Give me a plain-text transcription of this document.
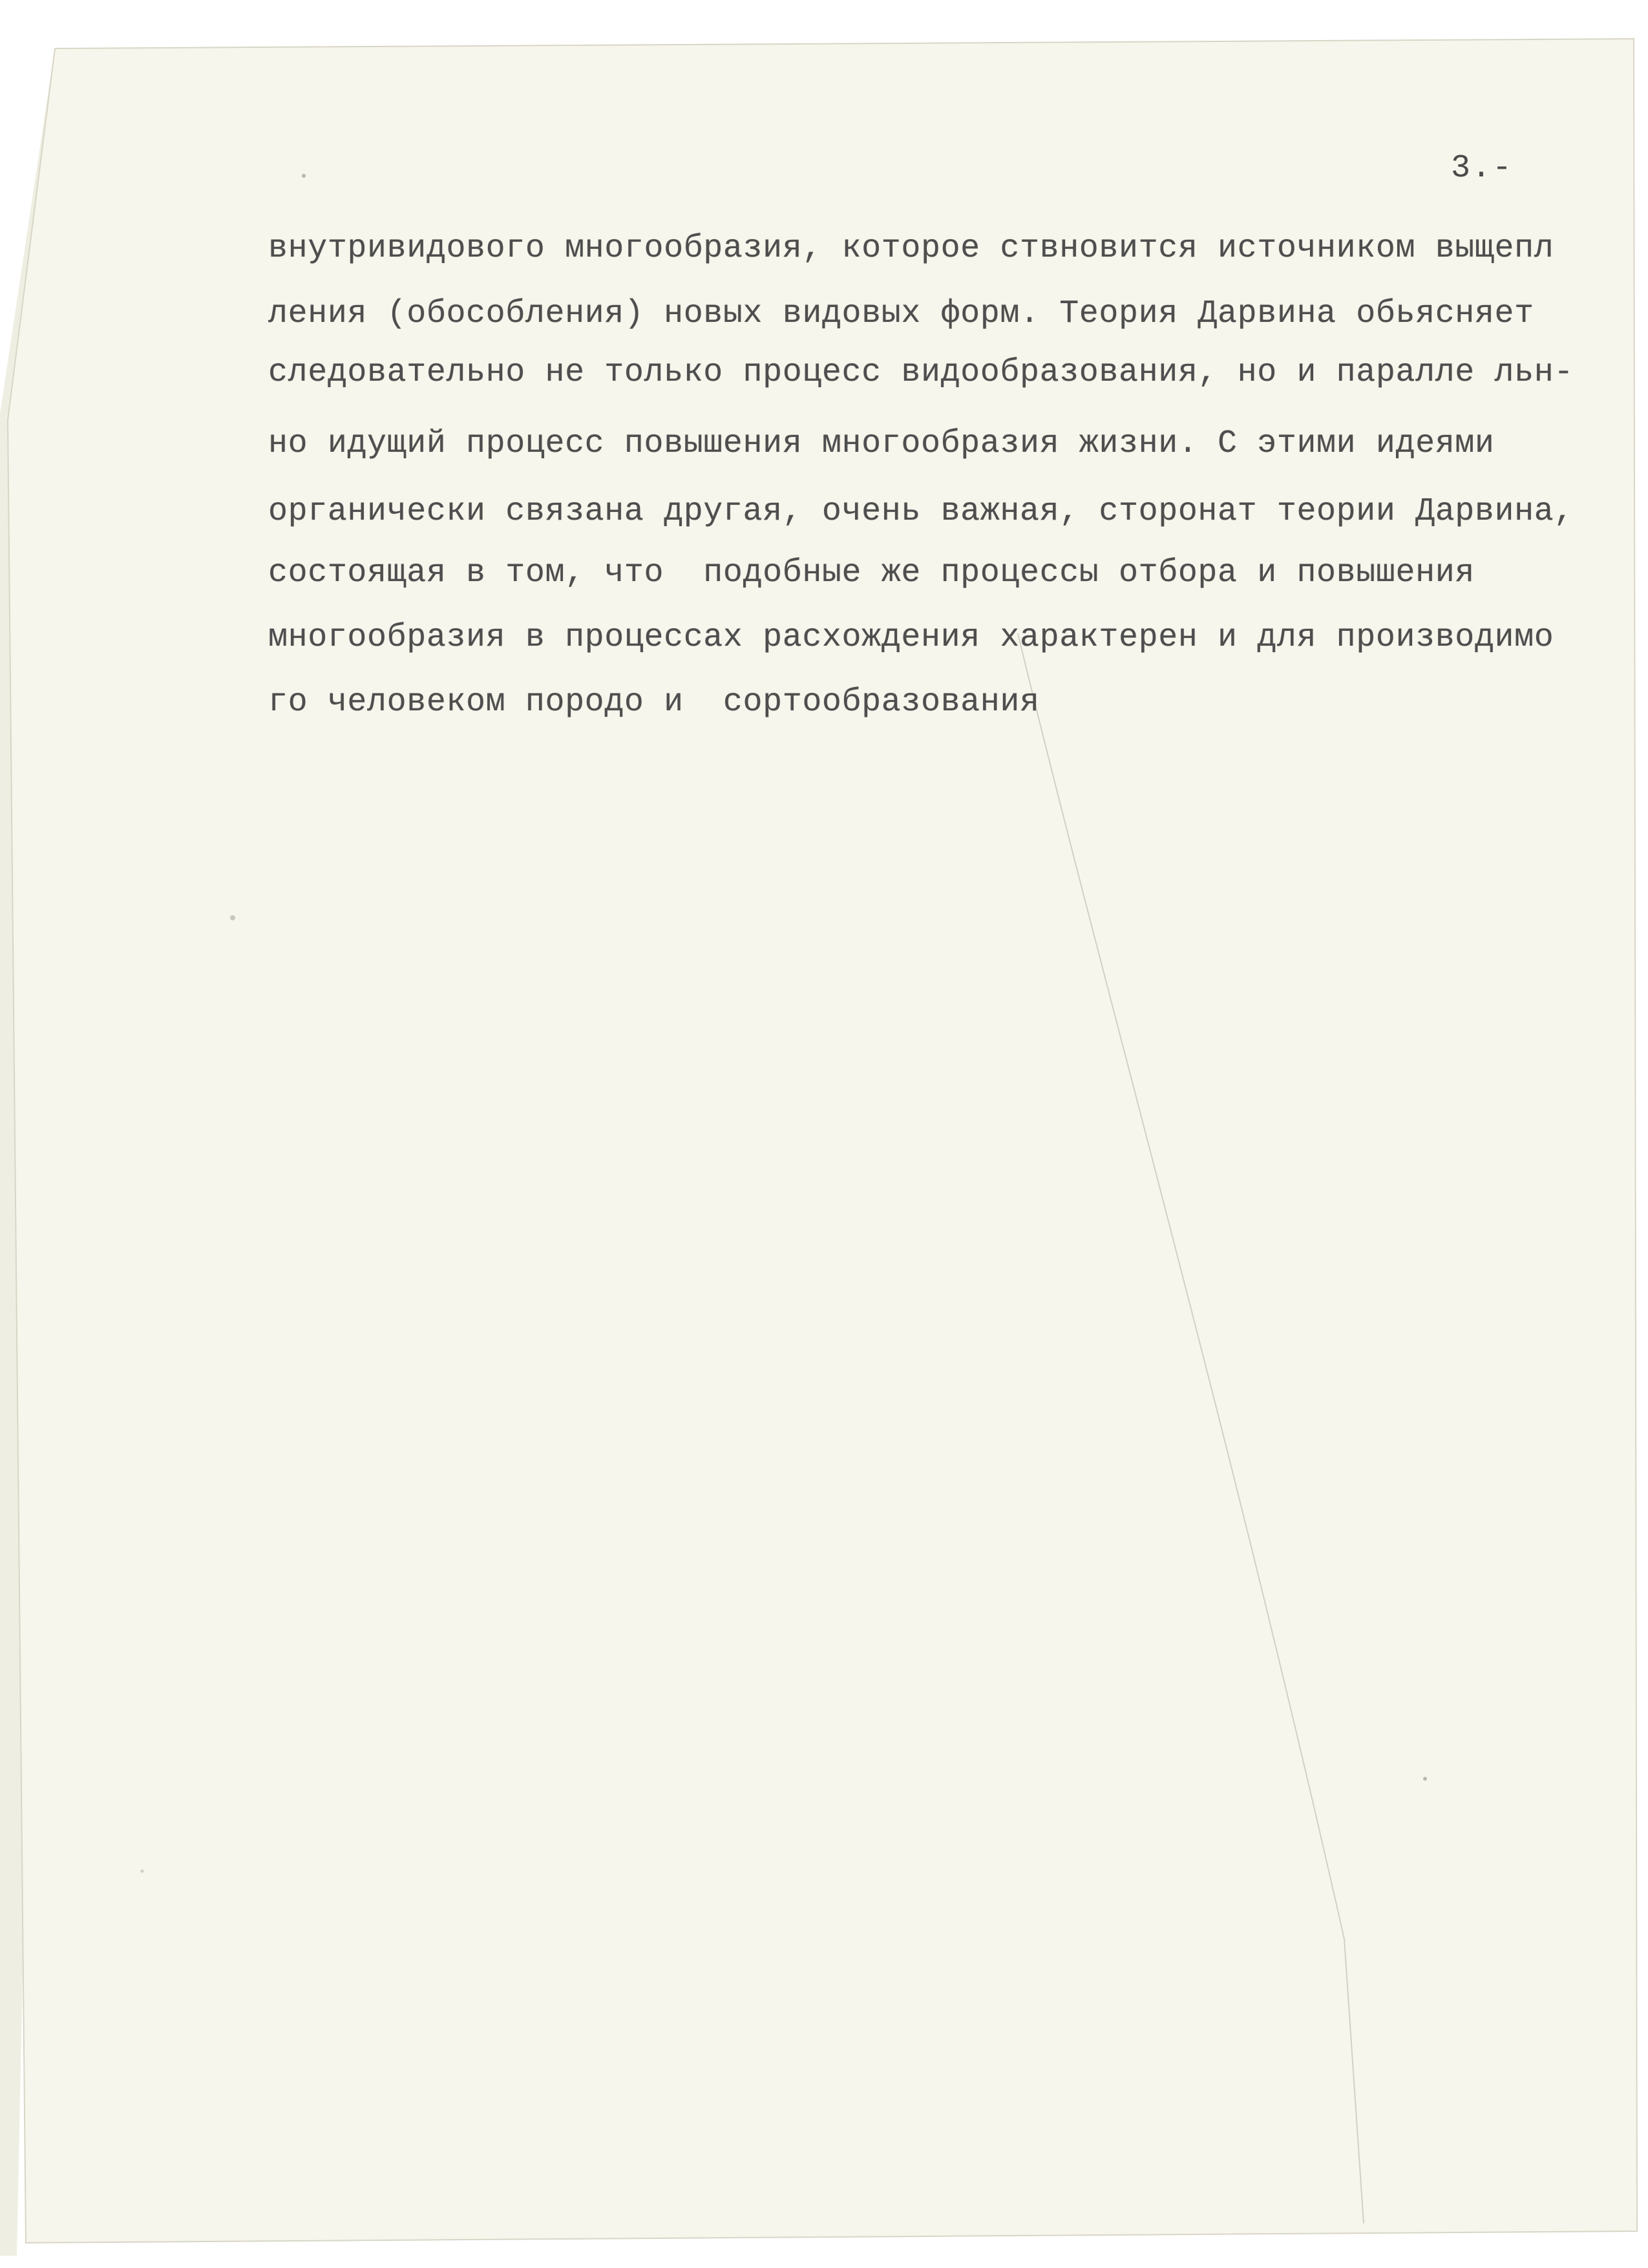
3.-
внутривидового многообразия, которое ствновится источником выщепл
ления (обособления) новых видовых форм. Теория Дарвина обьясняет
следовательно не только процесс видообразования, но и паралле льн-
но идущий процесс повышения многообразия жизни. С этими идеями
органически связана другая, очень важная, сторонат теории Дарвина,
состоящая в том, что  подобные же процессы отбора и повышения
многообразия в процессах расхождения характерен и для производимо
го человеком породо и  сортообразования
